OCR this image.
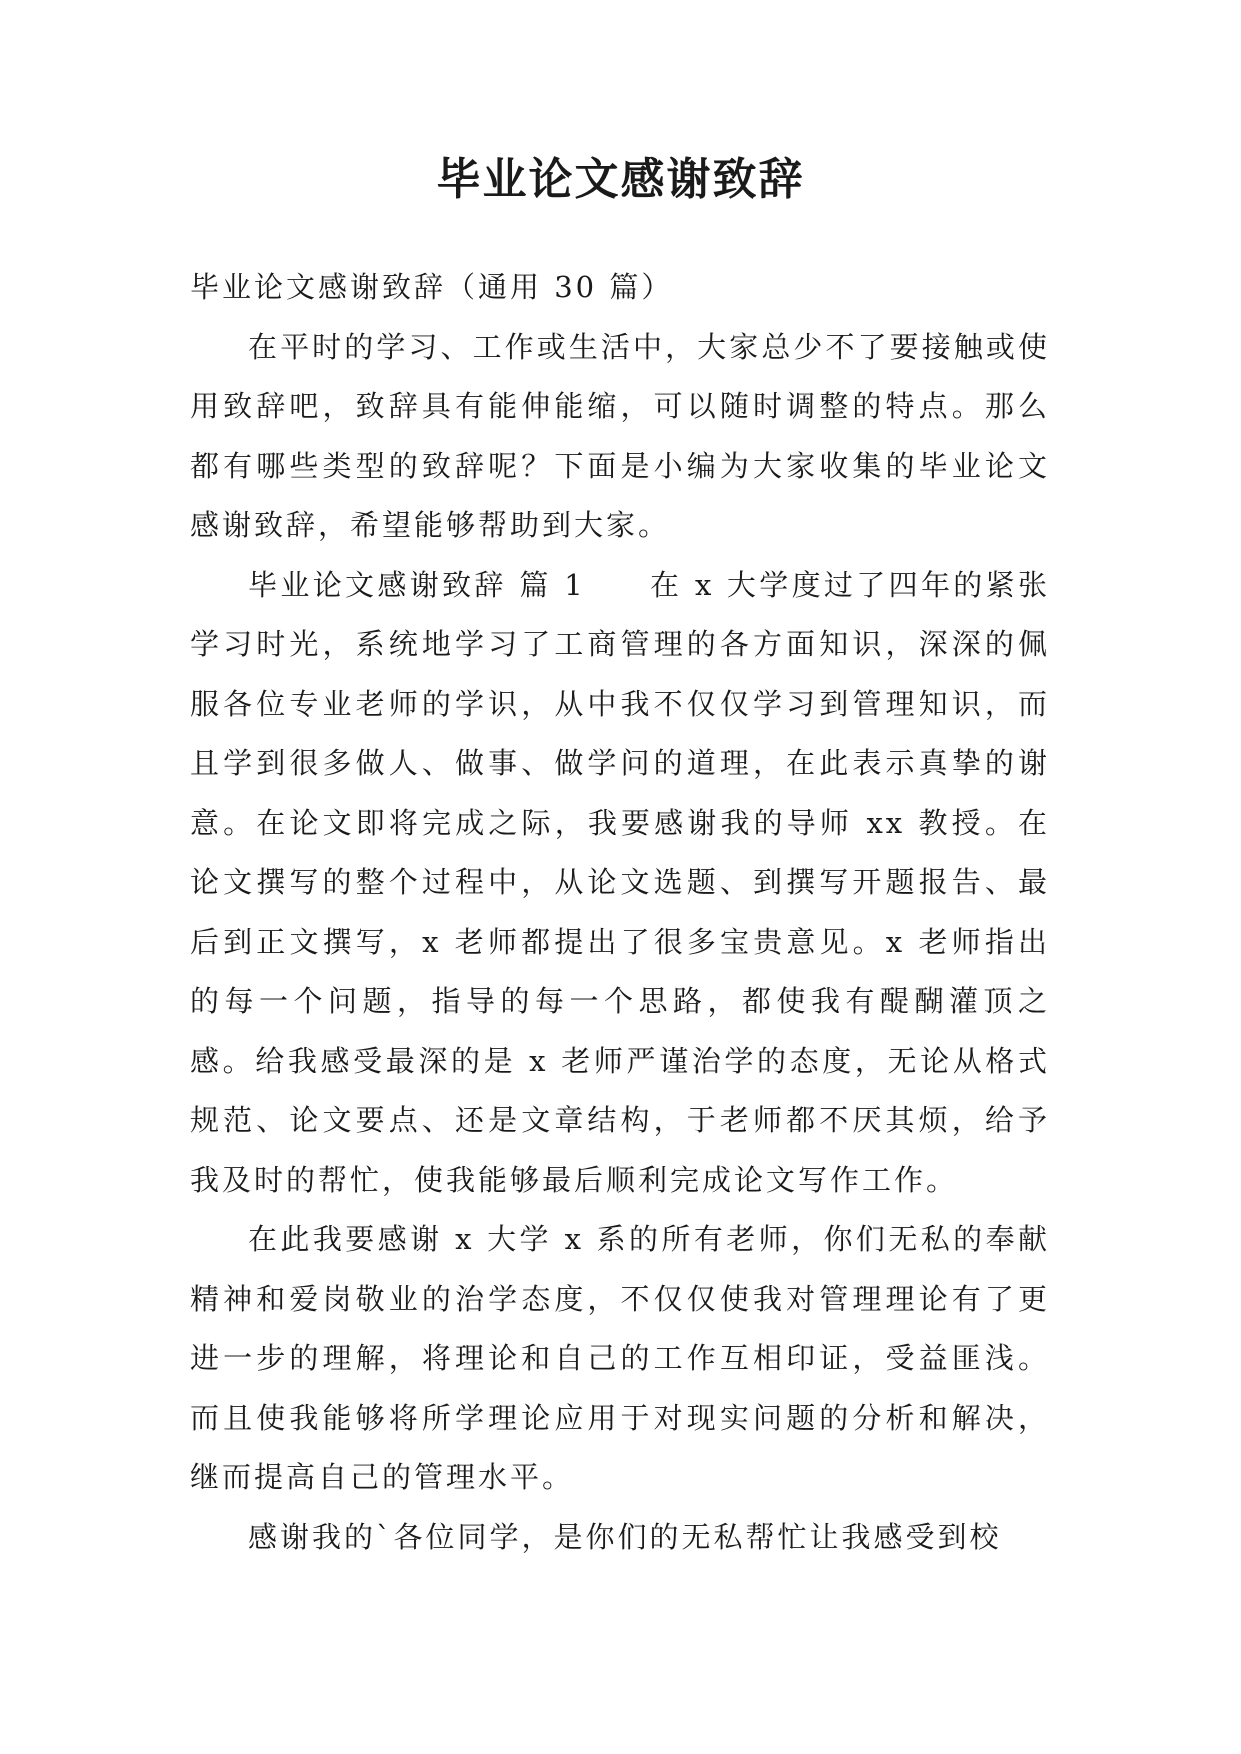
毕业论文感谢致辞

毕业论文感谢致辞（通用 30 篇）

在平时的学习、工作或生活中，大家总少不了要接触或使用致辞吧，致辞具有能伸能缩，可以随时调整的特点。那么都有哪些类型的致辞呢？下面是小编为大家收集的毕业论文感谢致辞，希望能够帮助到大家。

毕业论文感谢致辞 篇 1 在 x 大学度过了四年的紧张学习时光，系统地学习了工商管理的各方面知识，深深的佩服各位专业老师的学识，从中我不仅仅学习到管理知识，而且学到很多做人、做事、做学问的道理，在此表示真挚的谢意。在论文即将完成之际，我要感谢我的导师 xx 教授。在论文撰写的整个过程中，从论文选题、到撰写开题报告、最后到正文撰写，x 老师都提出了很多宝贵意见。x 老师指出的每一个问题，指导的每一个思路，都使我有醍醐灌顶之感。给我感受最深的是 x 老师严谨治学的态度，无论从格式规范、论文要点、还是文章结构，于老师都不厌其烦，给予我及时的帮忙，使我能够最后顺利完成论文写作工作。

在此我要感谢 x 大学 x 系的所有老师，你们无私的奉献精神和爱岗敬业的治学态度，不仅仅使我对管理理论有了更进一步的理解，将理论和自己的工作互相印证，受益匪浅。而且使我能够将所学理论应用于对现实问题的分析和解决，继而提高自己的管理水平。

感谢我的`各位同学，是你们的无私帮忙让我感受到校
